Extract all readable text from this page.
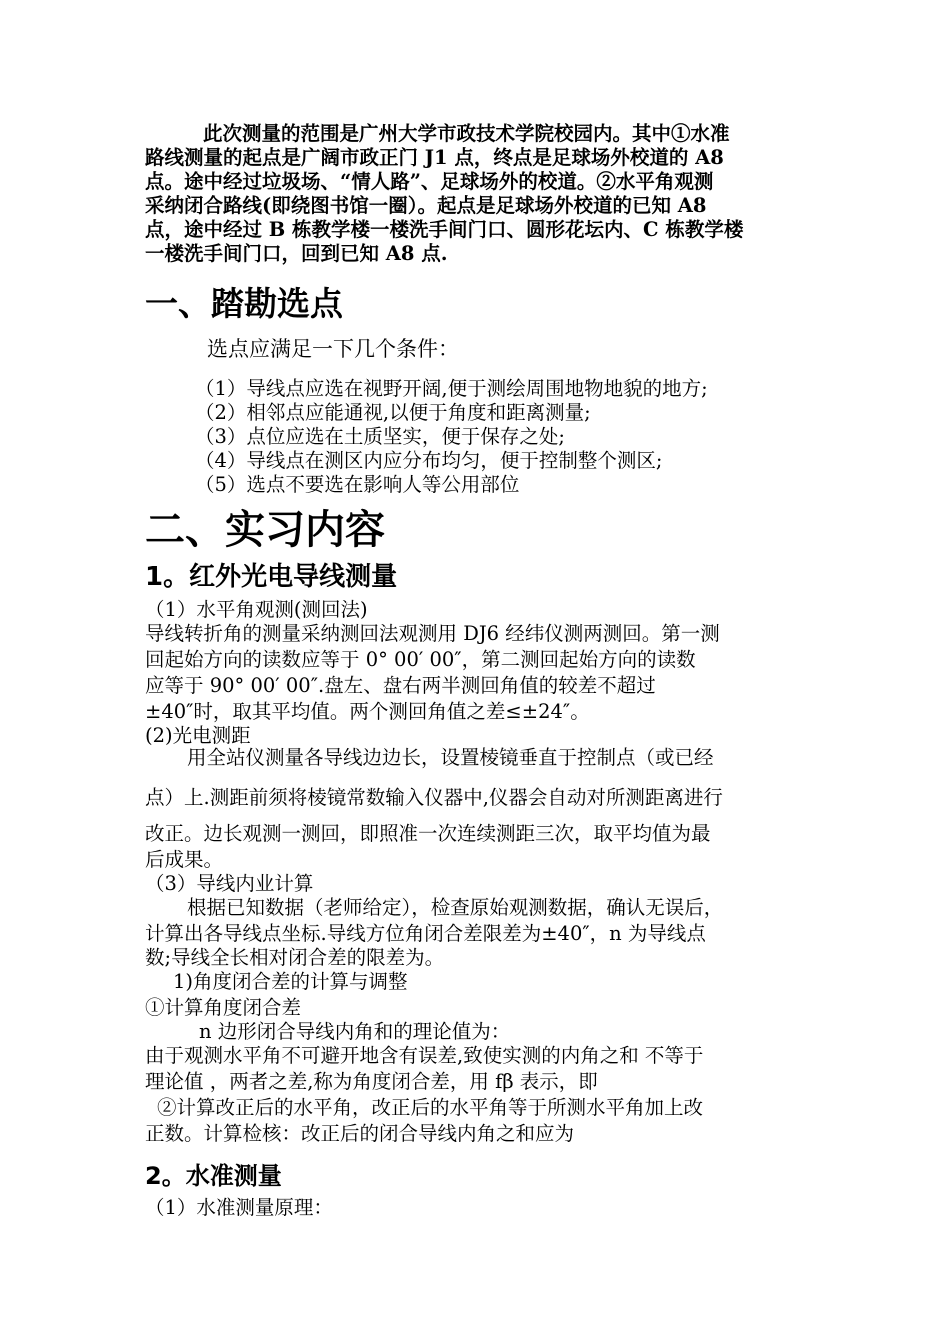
此次测量的范围是广州大学市政技术学院校园内。其中①水准

路线测量的起点是广阔市政正门 J1 点，终点是足球场外校道的 A8

点。途中经过垃圾场、“情人路”、足球场外的校道。②水平角观测

采纳闭合路线(即绕图书馆一圈）。起点是足球场外校道的已知 A8

点，途中经过 B 栋教学楼一楼洗手间门口、圆形花坛内、C 栋教学楼

一楼洗手间门口，回到已知 A8 点.

一、踏勘选点

选点应满足一下几个条件：

（1）导线点应选在视野开阔,便于测绘周围地物地貌的地方;

（2）相邻点应能通视,以便于角度和距离测量;

（3）点位应选在土质坚实，便于保存之处;

（4）导线点在测区内应分布均匀，便于控制整个测区;

（5）选点不要选在影响人等公用部位

二、实习内容
1。红外光电导线测量

（1）水平角观测(测回法)

导线转折角的测量采纳测回法观测用 DJ6 经纬仪测两测回。第一测

回起始方向的读数应等于 0° 00′ 00″，第二测回起始方向的读数

应等于 90° 00′ 00″.盘左、盘右两半测回角值的较差不超过

±40″时，取其平均值。两个测回角值之差≤±24″。

(2)光电测距

用全站仪测量各导线边边长，设置棱镜垂直于控制点（或已经

点）上.测距前须将棱镜常数输入仪器中,仪器会自动对所测距离进行

改正。边长观测一测回，即照准一次连续测距三次，取平均值为最

后成果。

（3）导线内业计算

根据已知数据（老师给定），检查原始观测数据，确认无误后，

计算出各导线点坐标.导线方位角闭合差限差为±40″，n 为导线点

数;导线全长相对闭合差的限差为。

1)角度闭合差的计算与调整

①计算角度闭合差

n 边形闭合导线内角和的理论值为：

由于观测水平角不可避开地含有误差,致使实测的内角之和 不等于

理论值 ，两者之差,称为角度闭合差，用 fβ 表示，即

②计算改正后的水平角，改正后的水平角等于所测水平角加上改

正数。计算检核：改正后的闭合导线内角之和应为

2。水准测量

（1）水准测量原理：
